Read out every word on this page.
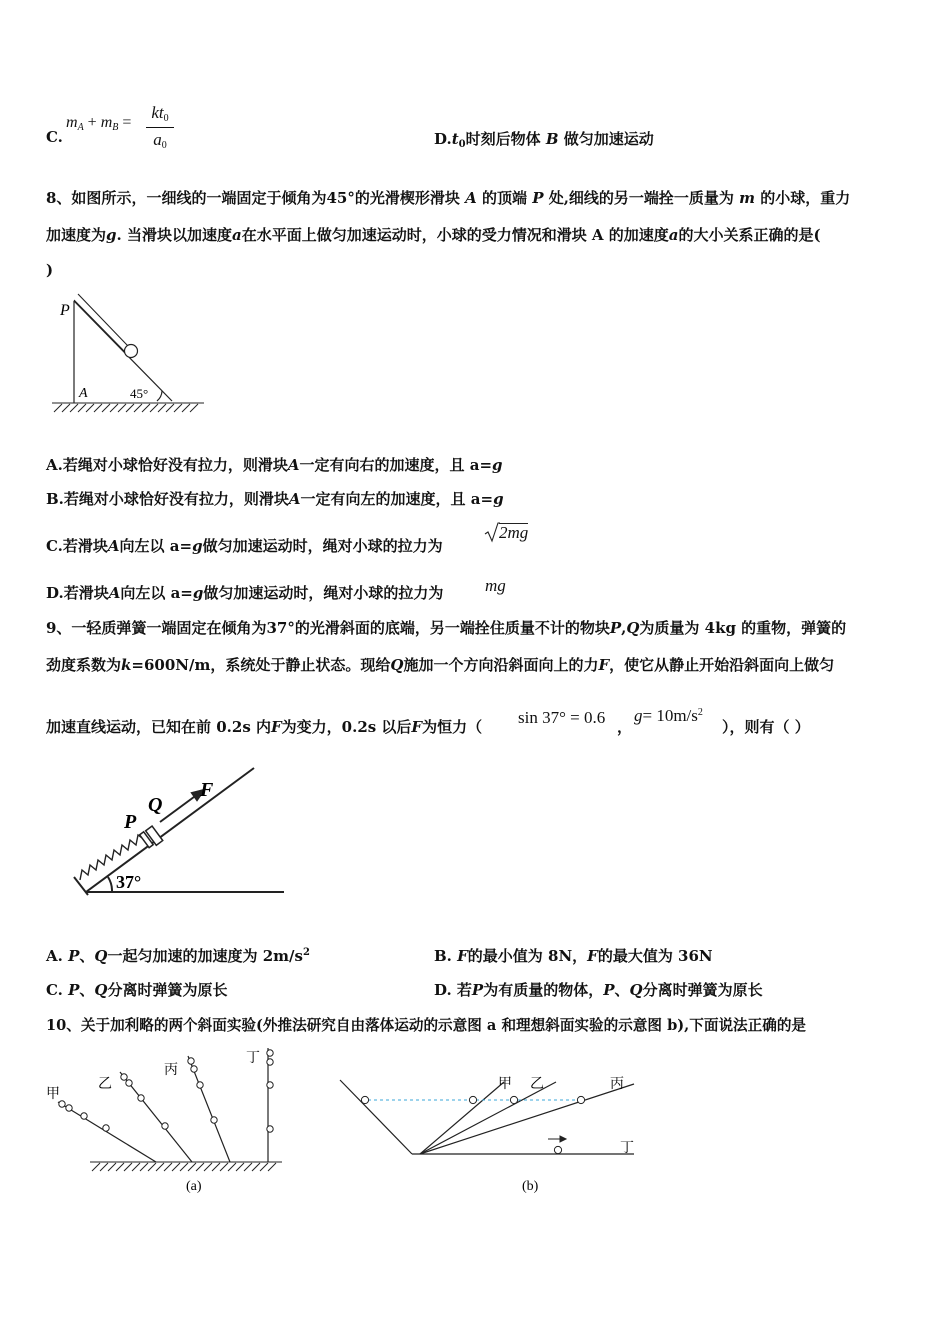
C.
$m_A + m_B$ =
$kt_0$
$a_0$	$D.t_0$时刻后物体 B 做匀加速运动
8、如图所示，一细线的一端固定于倾角为45°的光滑楔形滑块 A 的顶端 P 处,细线的另一端拴一质量为 m 的小球，重力
加速度为g. 当滑块以加速度a在水平面上做匀加速运动时，小球的受力情况和滑块 A 的加速度a的大小关系正确的是(
)
P
A	45°
A.若绳对小球恰好没有拉力，则滑块A一定有向右的加速度，且 a=g
B.若绳对小球恰好没有拉力，则滑块A一定有向左的加速度，且 a=g
C.若滑块A向左以 a=g做匀加速运动时，绳对小球的拉力为
2mg
D.若滑块A向左以 a=g做匀加速运动时，绳对小球的拉力为 mg
9、一轻质弹簧一端固定在倾角为37°的光滑斜面的底端，另一端拴住质量不计的物块P,Q为质量为 4kg 的重物，弹簧的
劲度系数为k=600N/m，系统处于静止状态。现给Q施加一个方向沿斜面向上的力F，使它从静止开始沿斜面向上做匀
加速直线运动，已知在前 0.2s 内F为变力，0.2s 以后F为恒力（ sin 37° = 0.6 ，
$g= 10m/s^2$
），则有（ ）
P
Q
F
37°
A. P、Q一起匀加速的加速度为 $2m/s^2$	B. F的最小值为 8N，F的最大值为 36N
C. P、Q分离时弹簧为原长	D. 若P为有质量的物体，P、Q分离时弹簧为原长
10、关于加利略的两个斜面实验(外推法研究自由落体运动的示意图 a 和理想斜面实验的示意图 b),下面说法正确的是
甲
乙
丙
丁
(a)
甲 乙	丙
丁
(b)
